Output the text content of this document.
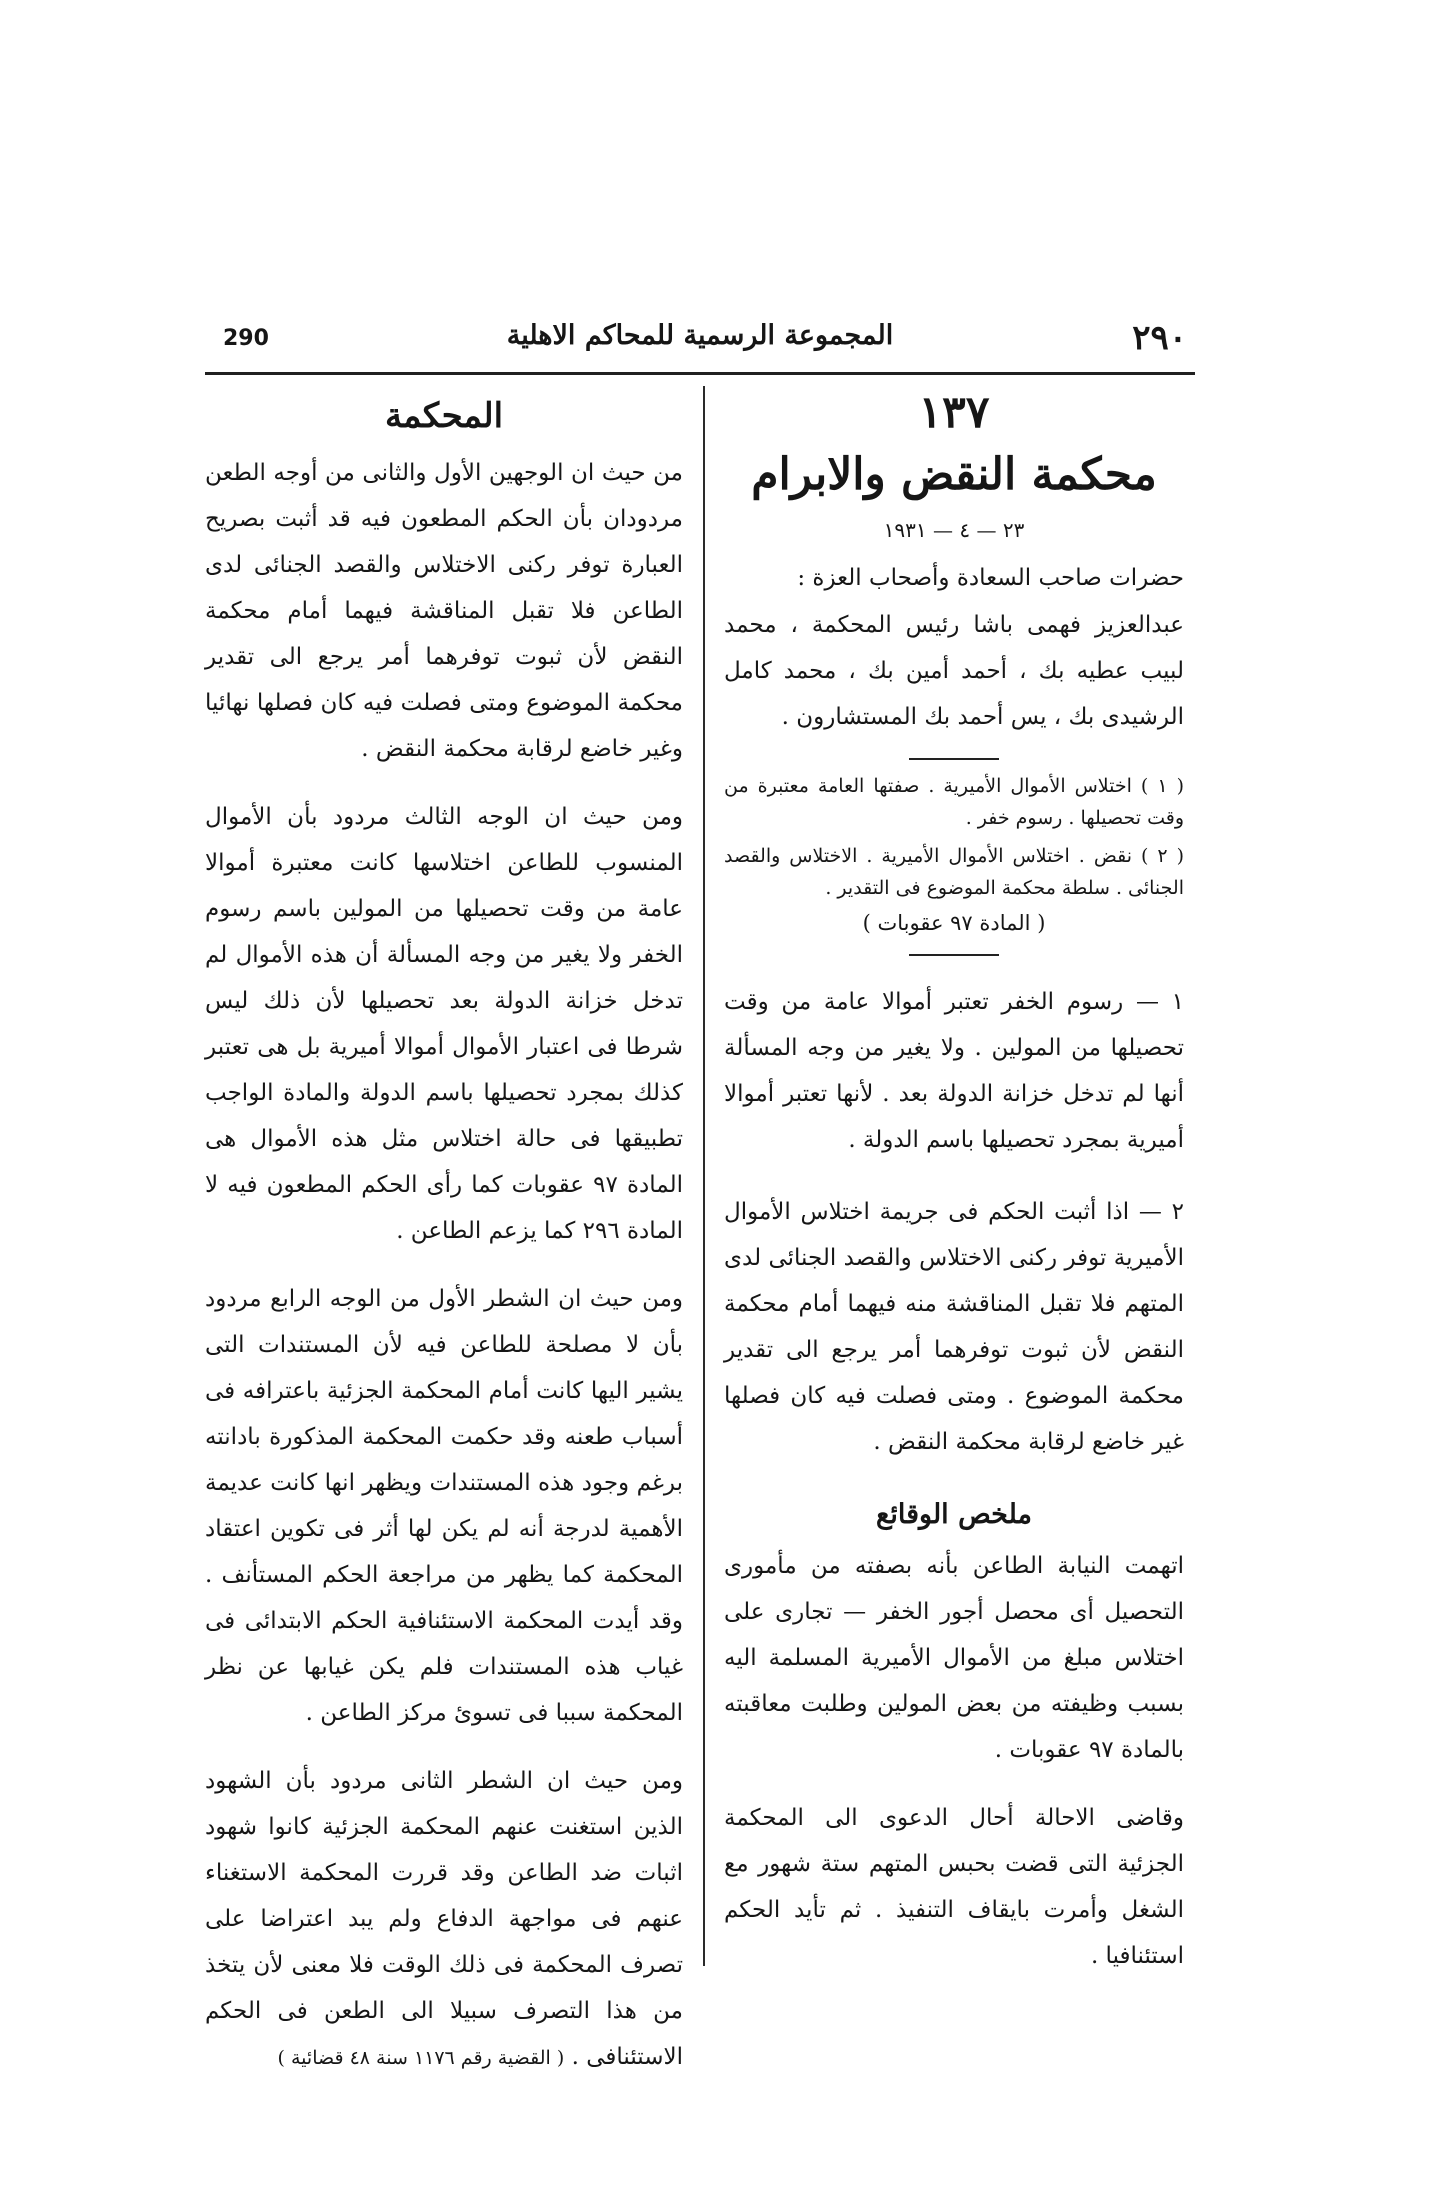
290	المجموعة الرسمية للمحاكم الاهلية	٢٩٠
١٣٧
محكمة النقض والابرام
٢٣ — ٤ — ١٩٣١
حضرات صاحب السعادة وأصحاب العزة :
عبدالعزيز فهمى باشا رئيس المحكمة ، محمد لبيب عطيه بك ، أحمد أمين بك ، محمد كامل الرشيدى بك ، يس أحمد بك المستشارون .
( ١ ) اختلاس الأموال الأميرية . صفتها العامة معتبرة من وقت تحصيلها . رسوم خفر .
( ٢ ) نقض . اختلاس الأموال الأميرية . الاختلاس والقصد الجنائى . سلطة محكمة الموضوع فى التقدير .
( المادة ٩٧ عقوبات )

١ — رسوم الخفر تعتبر أموالا عامة من وقت تحصيلها من المولين . ولا يغير من وجه المسألة أنها لم تدخل خزانة الدولة بعد . لأنها تعتبر أموالا أميرية بمجرد تحصيلها باسم الدولة .

٢ — اذا أثبت الحكم فى جريمة اختلاس الأموال الأميرية توفر ركنى الاختلاس والقصد الجنائى لدى المتهم فلا تقبل المناقشة منه فيهما أمام محكمة النقض لأن ثبوت توفرهما أمر يرجع الى تقدير محكمة الموضوع . ومتى فصلت فيه كان فصلها غير خاضع لرقابة محكمة النقض .

ملخص الوقائع

اتهمت النيابة الطاعن بأنه بصفته من مأمورى التحصيل أى محصل أجور الخفر — تجارى على اختلاس مبلغ من الأموال الأميرية المسلمة اليه بسبب وظيفته من بعض المولين وطلبت معاقبته بالمادة ٩٧ عقوبات .

وقاضى الاحالة أحال الدعوى الى المحكمة الجزئية التى قضت بحبس المتهم ستة شهور مع الشغل وأمرت بايقاف التنفيذ . ثم تأيد الحكم استئنافيا .

المحكمة

من حيث ان الوجهين الأول والثانى من أوجه الطعن مردودان بأن الحكم المطعون فيه قد أثبت بصريح العبارة توفر ركنى الاختلاس والقصد الجنائى لدى الطاعن فلا تقبل المناقشة فيهما أمام محكمة النقض لأن ثبوت توفرهما أمر يرجع الى تقدير محكمة الموضوع ومتى فصلت فيه كان فصلها نهائيا وغير خاضع لرقابة محكمة النقض .

ومن حيث ان الوجه الثالث مردود بأن الأموال المنسوب للطاعن اختلاسها كانت معتبرة أموالا عامة من وقت تحصيلها من المولين باسم رسوم الخفر ولا يغير من وجه المسألة أن هذه الأموال لم تدخل خزانة الدولة بعد تحصيلها لأن ذلك ليس شرطا فى اعتبار الأموال أموالا أميرية بل هى تعتبر كذلك بمجرد تحصيلها باسم الدولة والمادة الواجب تطبيقها فى حالة اختلاس مثل هذه الأموال هى المادة ٩٧ عقوبات كما رأى الحكم المطعون فيه لا المادة ٢٩٦ كما يزعم الطاعن .

ومن حيث ان الشطر الأول من الوجه الرابع مردود بأن لا مصلحة للطاعن فيه لأن المستندات التى يشير اليها كانت أمام المحكمة الجزئية باعترافه فى أسباب طعنه وقد حكمت المحكمة المذكورة بادانته برغم وجود هذه المستندات ويظهر انها كانت عديمة الأهمية لدرجة أنه لم يكن لها أثر فى تكوين اعتقاد المحكمة كما يظهر من مراجعة الحكم المستأنف . وقد أيدت المحكمة الاستئنافية الحكم الابتدائى فى غياب هذه المستندات فلم يكن غيابها عن نظر المحكمة سببا فى تسوئ مركز الطاعن .

ومن حيث ان الشطر الثانى مردود بأن الشهود الذين استغنت عنهم المحكمة الجزئية كانوا شهود اثبات ضد الطاعن وقد قررت المحكمة الاستغناء عنهم فى مواجهة الدفاع ولم يبد اعتراضا على تصرف المحكمة فى ذلك الوقت فلا معنى لأن يتخذ من هذا التصرف سبيلا الى الطعن فى الحكم الاستئنافى . ( القضية رقم ١١٧٦ سنة ٤٨ قضائية )
